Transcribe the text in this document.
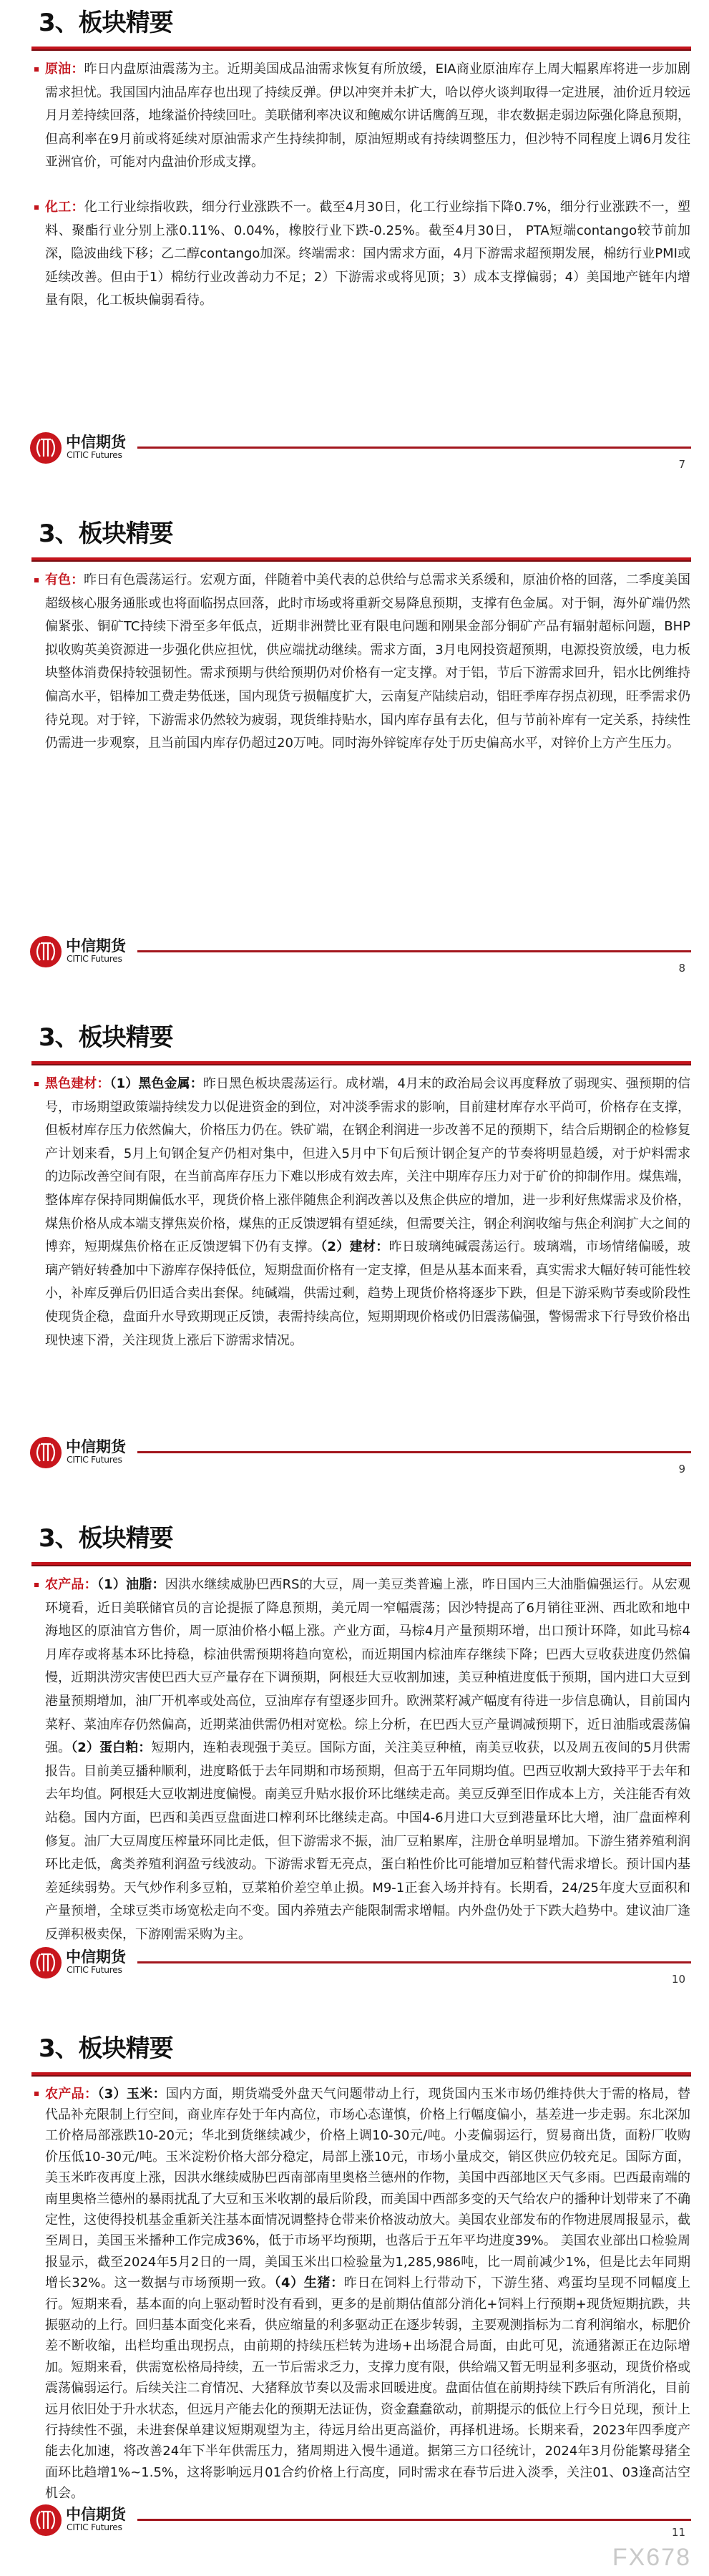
3、板块精要
原油：昨日内盘原油震荡为主。近期美国成品油需求恢复有所放缓，EIA商业原油库存上周大幅累库将进一步加剧需求担忧。我国国内油品库存也出现了持续反弹。伊以冲突并未扩大，哈以停火谈判取得一定进展，油价近月较远月月差持续回落，地缘溢价持续回吐。美联储利率决议和鲍威尔讲话鹰鸽互现，非农数据走弱边际强化降息预期，但高利率在9月前或将延续对原油需求产生持续抑制，原油短期或有持续调整压力，但沙特不同程度上调6月发往亚洲官价，可能对内盘油价形成支撑。
化工：化工行业综指收跌，细分行业涨跌不一。截至4月30日，化工行业综指下降0.7%，细分行业涨跌不一，塑料、聚酯行业分别上涨0.11%、0.04%，橡胶行业下跌-0.25%。截至4月30日， PTA短端contango较节前加深，隐波曲线下移；乙二醇contango加深。终端需求：国内需求方面，4月下游需求超预期发展，棉纺行业PMI或延续改善。但由于1）棉纺行业改善动力不足；2）下游需求或将见顶；3）成本支撑偏弱；4）美国地产链年内增量有限，化工板块偏弱看待。
中信期货
CITIC Futures
7
3、板块精要
有色：昨日有色震荡运行。宏观方面，伴随着中美代表的总供给与总需求关系缓和，原油价格的回落，二季度美国超级核心服务通胀或也将面临拐点回落，此时市场或将重新交易降息预期，支撑有色金属。对于铜，海外矿端仍然偏紧张、铜矿TC持续下滑至多年低点，近期非洲赞比亚有限电问题和刚果金部分铜矿产品有辐射超标问题，BHP拟收购英美资源进一步强化供应担忧，供应端扰动继续。需求方面，3月电网投资超预期，电源投资放缓，电力板块整体消费保持较强韧性。需求预期与供给预期仍对价格有一定支撑。对于铝，节后下游需求回升，铝水比例维持偏高水平，铝棒加工费走势低迷，国内现货亏损幅度扩大，云南复产陆续启动，铝旺季库存拐点初现，旺季需求仍待兑现。对于锌，下游需求仍然较为疲弱，现货维持贴水，国内库存虽有去化，但与节前补库有一定关系，持续性仍需进一步观察，且当前国内库存仍超过20万吨。同时海外锌锭库存处于历史偏高水平，对锌价上方产生压力。
中信期货
CITIC Futures
8
3、板块精要
黑色建材：（1）黑色金属：昨日黑色板块震荡运行。成材端，4月末的政治局会议再度释放了弱现实、强预期的信号，市场期望政策端持续发力以促进资金的到位，对冲淡季需求的影响，目前建材库存水平尚可，价格存在支撑，但板材库存压力依然偏大，价格压力仍在。铁矿端，在钢企利润进一步改善不足的预期下，结合后期钢企的检修复产计划来看，5月上旬钢企复产仍相对集中，但进入5月中下旬后预计钢企复产的节奏将明显趋缓，对于炉料需求的边际改善空间有限，在当前高库存压力下难以形成有效去库，关注中期库存压力对于矿价的抑制作用。煤焦端，整体库存保持同期偏低水平，现货价格上涨伴随焦企利润改善以及焦企供应的增加，进一步利好焦煤需求及价格，煤焦价格从成本端支撑焦炭价格，煤焦的正反馈逻辑有望延续，但需要关注，钢企利润收缩与焦企利润扩大之间的博弈，短期煤焦价格在正反馈逻辑下仍有支撑。（2）建材：昨日玻璃纯碱震荡运行。玻璃端，市场情绪偏暖，玻璃产销好转叠加中下游库存保持低位，短期盘面价格有一定支撑，但是从基本面来看，真实需求大幅好转可能性较小，补库反弹后仍旧适合卖出套保。纯碱端，供需过剩，趋势上现货价格将逐步下跌，但是下游采购节奏或阶段性使现货企稳，盘面升水导致期现正反馈，表需持续高位，短期期现价格或仍旧震荡偏强，警惕需求下行导致价格出现快速下滑，关注现货上涨后下游需求情况。
中信期货
CITIC Futures
9
3、板块精要
农产品：（1）油脂：因洪水继续威胁巴西RS的大豆，周一美豆类普遍上涨，昨日国内三大油脂偏强运行。从宏观环境看，近日美联储官员的言论提振了降息预期，美元周一窄幅震荡；因沙特提高了6月销往亚洲、西北欧和地中海地区的原油官方售价，周一原油价格小幅上涨。产业方面，马棕4月产量预期环增，出口预计环降，如此马棕4月库存或将基本环比持稳，棕油供需预期将趋向宽松，而近期国内棕油库存继续下降；巴西大豆收获进度仍然偏慢，近期洪涝灾害使巴西大豆产量存在下调预期，阿根廷大豆收割加速，美豆种植进度低于预期，国内进口大豆到港量预期增加，油厂开机率或处高位，豆油库存有望逐步回升。欧洲菜籽减产幅度有待进一步信息确认，目前国内菜籽、菜油库存仍然偏高，近期菜油供需仍相对宽松。综上分析，在巴西大豆产量调减预期下，近日油脂或震荡偏强。（2）蛋白粕：短期内，连粕表现强于美豆。国际方面，关注美豆种植，南美豆收获，以及周五夜间的5月供需报告。目前美豆播种顺利，进度略低于去年同期和市场预期，但高于五年同期均值。巴西豆收割大致持平于去年和去年均值。阿根廷大豆收割进度偏慢。南美豆升贴水报价环比继续走高。美豆反弹至旧作成本上方，关注能否有效站稳。国内方面，巴西和美西豆盘面进口榨利环比继续走高。中国4-6月进口大豆到港量环比大增，油厂盘面榨利修复。油厂大豆周度压榨量环同比走低，但下游需求不振，油厂豆粕累库，注册仓单明显增加。下游生猪养殖利润环比走低，禽类养殖利润盈亏线波动。下游需求暂无亮点，蛋白粕性价比可能增加豆粕替代需求增长。预计国内基差延续弱势。天气炒作利多豆粕，豆菜粕价差空单止损。M9-1正套入场并持有。长期看，24/25年度大豆面积和产量预增，全球豆类市场宽松走向不变。国内养殖去产能限制需求增幅。内外盘仍处于下跌大趋势中。建议油厂逢反弹积极卖保，下游刚需采购为主。
中信期货
CITIC Futures
10
3、板块精要
农产品：（3）玉米：国内方面，期货端受外盘天气问题带动上行，现货国内玉米市场仍维持供大于需的格局，替代品补充限制上行空间，商业库存处于年内高位，市场心态谨慎，价格上行幅度偏小，基差进一步走弱。东北深加工价格局部涨跌10-20元；华北到货继续减少，价格上调10-30元/吨。小麦偏弱运行，贸易商出货，面粉厂收购价压低10-30元/吨。玉米淀粉价格大部分稳定，局部上涨10元，市场小量成交，销区供应仍较充足。国际方面，美玉米昨夜再度上涨，因洪水继续威胁巴西南部南里奥格兰德州的作物，美国中西部地区天气多雨。巴西最南端的南里奥格兰德州的暴雨扰乱了大豆和玉米收割的最后阶段，而美国中西部多变的天气给农户的播种计划带来了不确定性，这使得投机基金重新关注基本面情况调整持仓带来价格波动放大。美国农业部发布的作物进展周报显示，截至周日，美国玉米播种工作完成36%，低于市场平均预期，也落后于五年平均进度39%。 美国农业部出口检验周报显示，截至2024年5月2日的一周，美国玉米出口检验量为1,285,986吨，比一周前减少1%，但是比去年同期增长32%。这一数据与市场预期一致。（4）生猪：昨日在饲料上行带动下，下游生猪、鸡蛋均呈现不同幅度上行。短期来看，基本面的向上驱动暂时没有看到，更多的是前期估值部分消化+饲料上行预期+现货短期抗跌，共振驱动的上行。回归基本面变化来看，供应缩量的利多驱动正在逐步转弱，主要观测指标为二育利润缩水，标肥价差不断收缩，出栏均重出现拐点，由前期的持续压栏转为进场+出场混合局面，由此可见，流通猪源正在边际增加。短期来看，供需宽松格局持续，五一节后需求乏力，支撑力度有限，供给端又暂无明显利多驱动，现货价格或震荡偏弱运行。后续关注二育情况、大猪释放节奏以及需求回暖进度。盘面估值在前期持续下跌后有所消化，目前远月依旧处于升水状态，但远月产能去化的预期无法证伪，资金蠢蠢欲动，前期提示的低位上行今日兑现，预计上行持续性不强，未进套保单建议短期观望为主，待远月给出更高溢价，再择机进场。长期来看，2023年四季度产能去化加速，将改善24年下半年供需压力，猪周期进入慢牛通道。据第三方口径统计，2024年3月份能繁母猪全面环比趋增1%~1.5%，这将影响远月01合约价格上行高度，同时需求在春节后进入淡季，关注01、03逢高沽空机会。
中信期货
CITIC Futures	11
FX678
